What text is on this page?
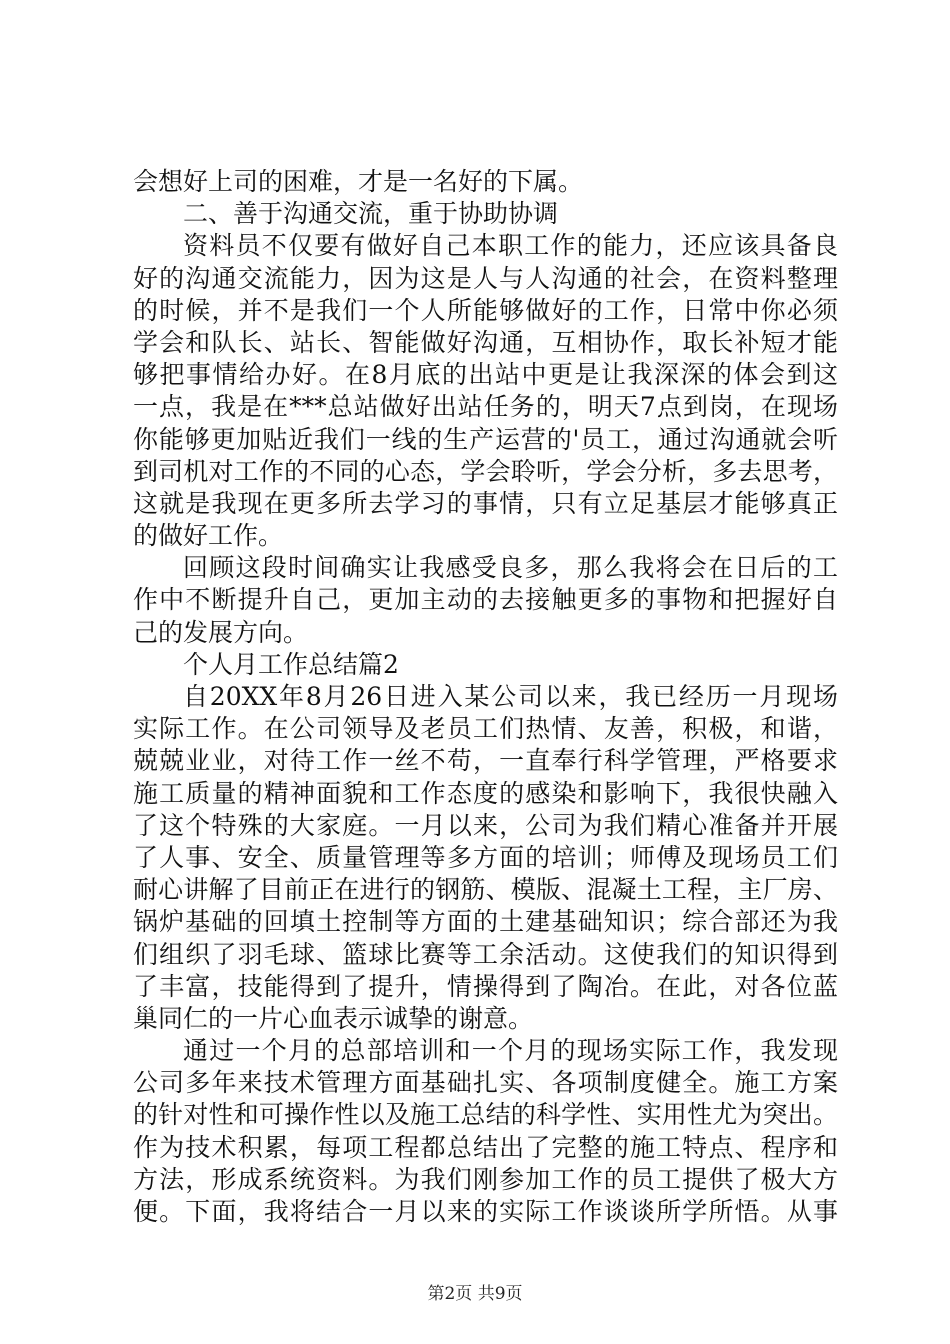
会想好上司的困难，才是一名好的下属。
二、善于沟通交流，重于协助协调
资料员不仅要有做好自己本职工作的能力，还应该具备良
好的沟通交流能力，因为这是人与人沟通的社会，在资料整理
的时候，并不是我们一个人所能够做好的工作，日常中你必须
学会和队长、站长、智能做好沟通，互相协作，取长补短才能
够把事情给办好。在8月底的出站中更是让我深深的体会到这
一点，我是在***总站做好出站任务的，明天7点到岗，在现场
你能够更加贴近我们一线的生产运营的'员工，通过沟通就会听
到司机对工作的不同的心态，学会聆听，学会分析，多去思考，
这就是我现在更多所去学习的事情，只有立足基层才能够真正
的做好工作。
回顾这段时间确实让我感受良多，那么我将会在日后的工
作中不断提升自己，更加主动的去接触更多的事物和把握好自
己的发展方向。
个人月工作总结篇2
自20XX年8月26日进入某公司以来，我已经历一月现场
实际工作。在公司领导及老员工们热情、友善，积极，和谐，
兢兢业业，对待工作一丝不苟，一直奉行科学管理，严格要求
施工质量的精神面貌和工作态度的感染和影响下，我很快融入
了这个特殊的大家庭。一月以来，公司为我们精心准备并开展
了人事、安全、质量管理等多方面的培训；师傅及现场员工们
耐心讲解了目前正在进行的钢筋、模版、混凝土工程，主厂房、
锅炉基础的回填土控制等方面的土建基础知识；综合部还为我
们组织了羽毛球、篮球比赛等工余活动。这使我们的知识得到
了丰富，技能得到了提升，情操得到了陶冶。在此，对各位蓝
巢同仁的一片心血表示诚挚的谢意。
通过一个月的总部培训和一个月的现场实际工作，我发现
公司多年来技术管理方面基础扎实、各项制度健全。施工方案
的针对性和可操作性以及施工总结的科学性、实用性尤为突出。
作为技术积累，每项工程都总结出了完整的施工特点、程序和
方法，形成系统资料。为我们刚参加工作的员工提供了极大方
便。下面，我将结合一月以来的实际工作谈谈所学所悟。从事
第2页 共9页
